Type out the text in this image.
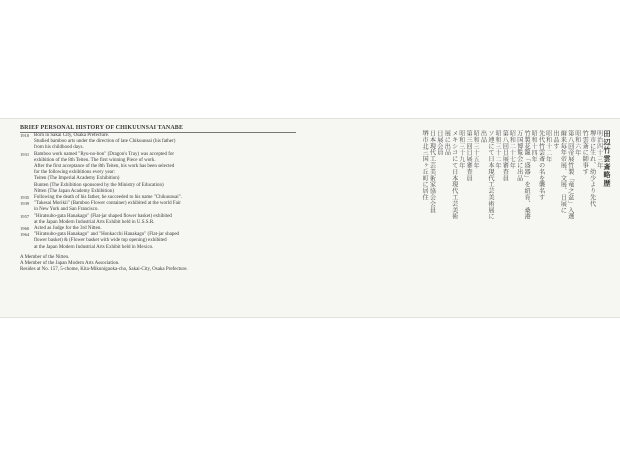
BRIEF PERSONAL HISTORY OF CHIKUUNSAI TANABE
1910 Born in Sakai City, Osaka Prefecture.
Studied bamboo arts under the direction of late Chikuunsai (his father)
from his childhood days.
1931 Bamboo work named "Ryu-no-bon" (Dragon's Tray) was accepted for
exhibition of the 8th Teiten. The first winning Piece of work.
After the first acceptance of the 8th Teiten, his work has been selected
for the following exhibitions every year:
Teiten (The Imperial Academy Exhibition)
Bunten (The Exhibition sponsored by the Ministry of Education)
Nitten (The Japan Academy Exhibition)
1935 Following the death of his father, he succeeded to his name "Chikuunsai".
1939 "Takesai Morikii" (Bamboo Flower container) exhibited at the world Fair
in New York and San Francisco.
1957 "Hiratsubo-gata Hanakago" (Flat-jar shaped flower basket) exhibited
at the Japan Modern Industrial Arts Exhibit held in U.S.S.R.
1960 Acted as Judge for the 3rd Nitten.
1964 "Hiratsubo-gata Hanakago" and "Honkacchi Hanakago" (Flat-jar shaped
flower basket) & (Flower basket with wide top opening) exhibited
at the Japan Modern Industrial Arts Exhibit held in Mexico.
A Member of the Nitten.
A Member of the Japan Modern Arts Association.
Resides at No. 157, 5-chome, Kita-Mikunigaoka-cho, Sakai-City, Osaka Prefecture.
田辺竹雲斎略歴
明治四十三年
堺市に生れ、幼少より先代
竹雲斎に師事す
昭和六年
第八回帝展竹製「竜之盆」入選
爾来毎年帝展、文展、日展に
出品す
昭和十二年
先代竹雲斎の名を襲名す
昭和十四年
竹製花籠「盛器」を紐育、桑港
万国博覧会に出品
昭和二十七年
第八回日展審査員
昭和三十二年
ソ連にて日本現代工芸美術展に
出品
昭和三十五年
第三回日展審査員
昭和三十九年
メキシコにて日本現代工芸美術
展に出品
日展会員
日本現代工芸美術家協会会員
堺市北三国ヶ丘町に居住
